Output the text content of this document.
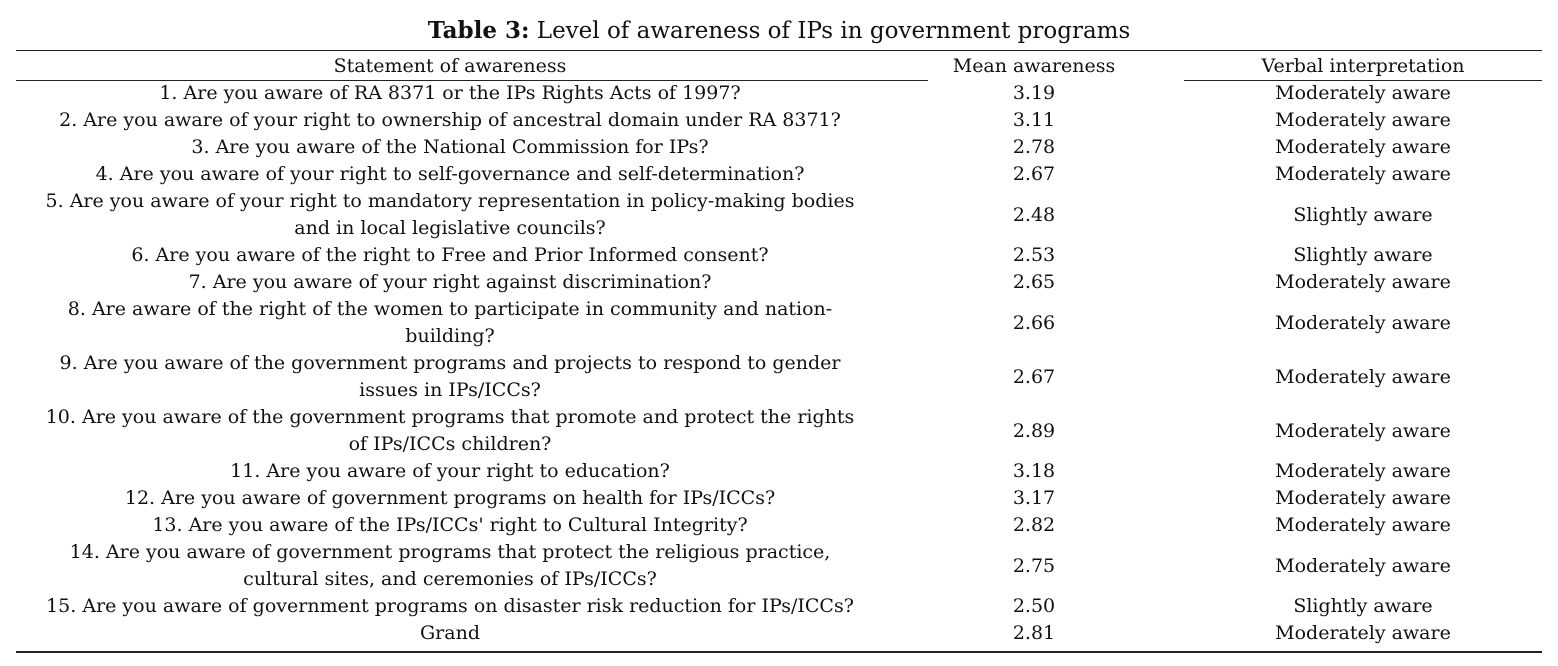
Table 3: Level of awareness of IPs in government programs
Statement of awareness	Mean awareness	Verbal interpretation
1. Are you aware of RA 8371 or the IPs Rights Acts of 1997?	3.19	Moderately aware
2. Are you aware of your right to ownership of ancestral domain under RA 8371?	3.11	Moderately aware
3. Are you aware of the National Commission for IPs?	2.78	Moderately aware
4. Are you aware of your right to self-governance and self-determination?	2.67	Moderately aware
5. Are you aware of your right to mandatory representation in policy-making bodies and in local legislative councils?	2.48	Slightly aware
6. Are you aware of the right to Free and Prior Informed consent?	2.53	Slightly aware
7. Are you aware of your right against discrimination?	2.65	Moderately aware
8. Are aware of the right of the women to participate in community and nation-building?	2.66	Moderately aware
9. Are you aware of the government programs and projects to respond to gender issues in IPs/ICCs?	2.67	Moderately aware
10. Are you aware of the government programs that promote and protect the rights of IPs/ICCs children?	2.89	Moderately aware
11. Are you aware of your right to education?	3.18	Moderately aware
12. Are you aware of government programs on health for IPs/ICCs?	3.17	Moderately aware
13. Are you aware of the IPs/ICCs' right to Cultural Integrity?	2.82	Moderately aware
14. Are you aware of government programs that protect the religious practice, cultural sites, and ceremonies of IPs/ICCs?	2.75	Moderately aware
15. Are you aware of government programs on disaster risk reduction for IPs/ICCs?	2.50	Slightly aware
Grand	2.81	Moderately aware
